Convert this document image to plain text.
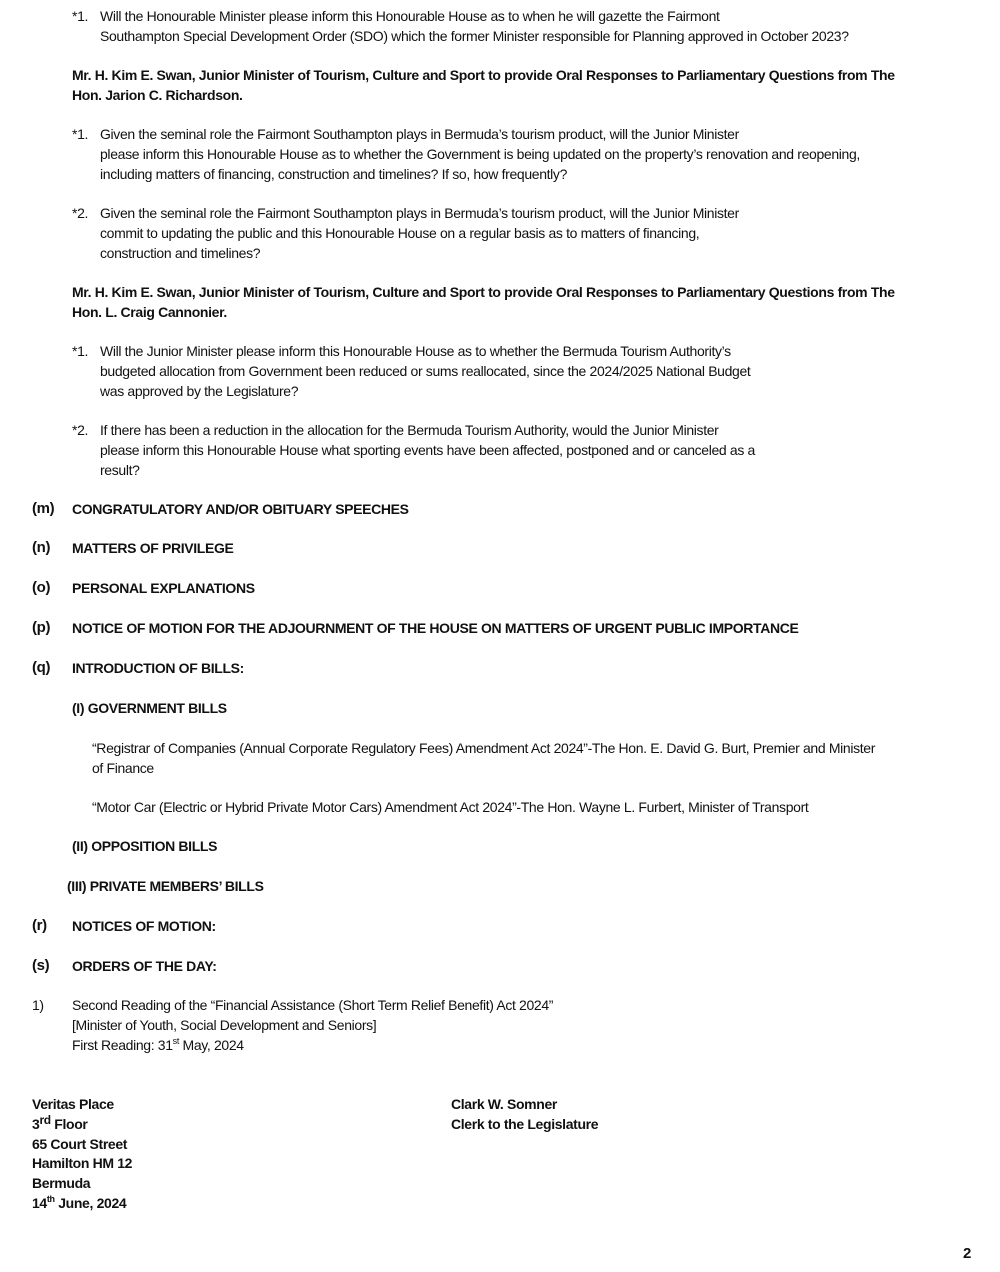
*1. Will the Honourable Minister please inform this Honourable House as to when he will gazette the Fairmont
Southampton Special Development Order (SDO) which the former Minister responsible for Planning approved in October 2023?
Mr. H. Kim E. Swan, Junior Minister of Tourism, Culture and Sport to provide Oral Responses to Parliamentary Questions from The
Hon. Jarion C. Richardson.
*1. Given the seminal role the Fairmont Southampton plays in Bermuda’s tourism product, will the Junior Minister
please inform this Honourable House as to whether the Government is being updated on the property’s renovation and reopening,
including matters of financing, construction and timelines? If so, how frequently?
*2. Given the seminal role the Fairmont Southampton plays in Bermuda’s tourism product, will the Junior Minister
commit to updating the public and this Honourable House on a regular basis as to matters of financing,
construction and timelines?
Mr. H. Kim E. Swan, Junior Minister of Tourism, Culture and Sport to provide Oral Responses to Parliamentary Questions from The
Hon. L. Craig Cannonier.
*1. Will the Junior Minister please inform this Honourable House as to whether the Bermuda Tourism Authority’s
budgeted allocation from Government been reduced or sums reallocated, since the 2024/2025 National Budget
was approved by the Legislature?
*2. If there has been a reduction in the allocation for the Bermuda Tourism Authority, would the Junior Minister
please inform this Honourable House what sporting events have been affected, postponed and or canceled as a
result?
(m) CONGRATULATORY AND/OR OBITUARY SPEECHES
(n) MATTERS OF PRIVILEGE
(o) PERSONAL EXPLANATIONS
(p) NOTICE OF MOTION FOR THE ADJOURNMENT OF THE HOUSE ON MATTERS OF URGENT PUBLIC IMPORTANCE
(q) INTRODUCTION OF BILLS:
(I) GOVERNMENT BILLS
“Registrar of Companies (Annual Corporate Regulatory Fees) Amendment Act 2024”-The Hon. E. David G. Burt, Premier and Minister
of Finance
“Motor Car (Electric or Hybrid Private Motor Cars) Amendment Act 2024”-The Hon. Wayne L. Furbert, Minister of Transport
(II) OPPOSITION BILLS
(III) PRIVATE MEMBERS’ BILLS
(r) NOTICES OF MOTION:
(s) ORDERS OF THE DAY:
1) Second Reading of the “Financial Assistance (Short Term Relief Benefit) Act 2024”
[Minister of Youth, Social Development and Seniors]
First Reading: 31st May, 2024
Veritas Place
3rd Floor
65 Court Street
Hamilton HM 12
Bermuda
14th June, 2024
Clark W. Somner
Clerk to the Legislature
2
